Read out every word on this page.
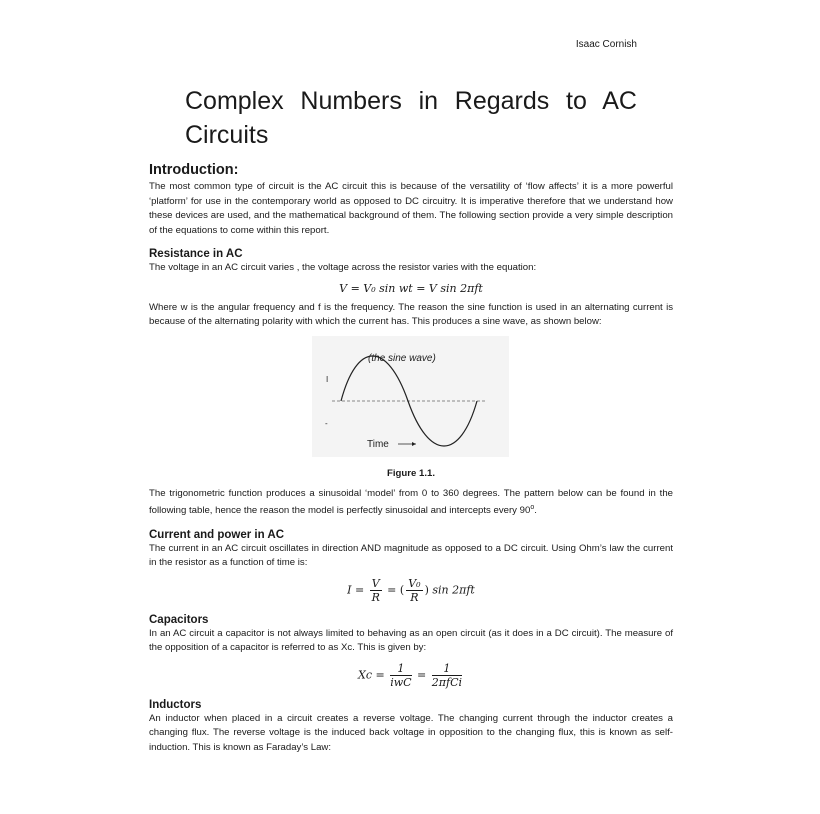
Isaac Cornish
Complex Numbers in Regards to AC
Circuits
Introduction:

The most common type of circuit is the AC circuit this is because of the versatility of ‘flow affects’ it is a more powerful ‘platform’ for use in the contemporary world as opposed to DC circuitry. It is imperative therefore that we understand how these devices are used, and the mathematical background of them. The following section provide a very simple description of the equations to come within this report.

Resistance in AC

The voltage in an AC circuit varies , the voltage across the resistor varies with the equation:

V = V₀ sin wt = V sin 2πft

Where w is the angular frequency and f is the frequency. The reason the sine function is used in an alternating current is because of the alternating polarity with which the current has. This produces a sine wave, as shown below:

(the sine wave)
I
-
Time
Figure 1.1.

The trigonometric function produces a sinusoidal ‘model’ from 0 to 360 degrees. The pattern below can be found in the following table, hence the reason the model is perfectly sinusoidal and intercepts every 90$^o$.

Current and power in AC

The current in an AC circuit oscillates in direction AND magnitude as opposed to a DC circuit. Using Ohm’s law the current in the resistor as a function of time is:

$I = \frac{V}{R}$ = ( $\frac{\text{V₀}}{R}$ ) sin 2πft
Capacitors

In an AC circuit a capacitor is not always limited to behaving as an open circuit (as it does in a DC circuit). The measure of the opposition of a capacitor is referred to as Xc. This is given by:

$Xc = \frac{1}{\text{iwC}} = \frac{1}{\text{2πfCi}}$
Inductors

An inductor when placed in a circuit creates a reverse voltage. The changing current through the inductor creates a changing flux. The reverse voltage is the induced back voltage in opposition to the changing flux, this is known as self-induction. This is known as Faraday’s Law:
